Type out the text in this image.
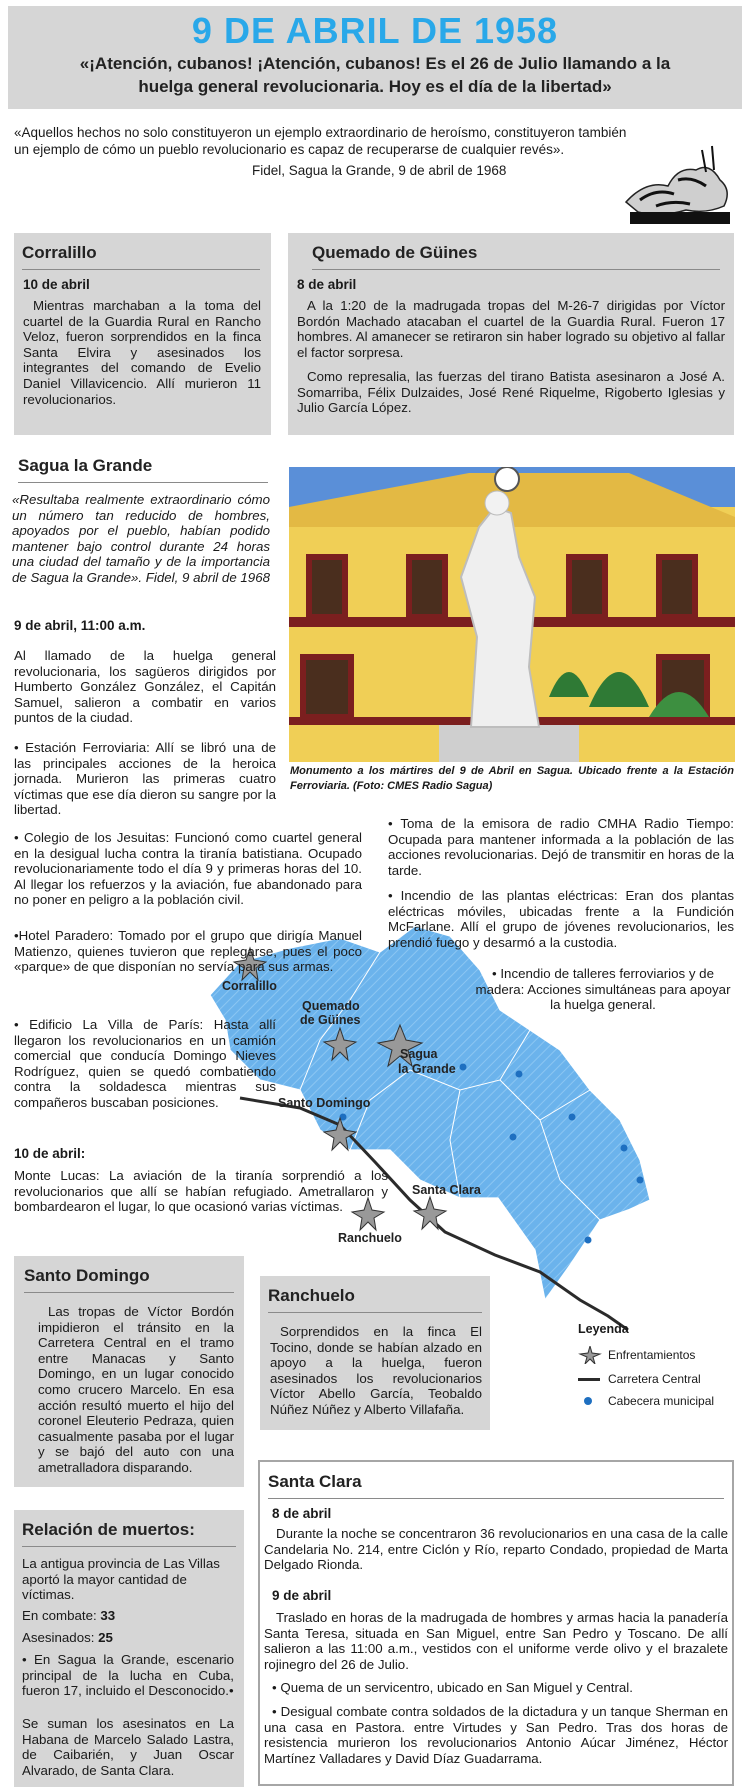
9 DE ABRIL DE 1958
«¡Atención, cubanos! ¡Atención, cubanos! Es el 26 de Julio llamando a la
huelga general revolucionaria. Hoy es el día de la libertad»

«Aquellos hechos no solo constituyeron un ejemplo extraordinario de heroísmo, constituyeron también

un ejemplo de cómo un pueblo revolucionario es capaz de recuperarse de cualquier revés».

Fidel, Sagua la Grande, 9 de abril de 1968

Corralillo
10 de abril

Mientras marchaban a la toma del cuartel de la Guardia Rural en Rancho Veloz, fueron sorprendidos en la finca Santa Elvira y asesinados los integrantes del comando de Evelio Daniel Villavicencio. Allí murieron 11 revolucionarios.

Quemado de Güines
8 de abril

A la 1:20 de la madrugada tropas del M-26-7 dirigidas por Víctor Bordón Machado atacaban el cuartel de la Guardia Rural. Fueron 17 hombres. Al amanecer se retiraron sin haber logrado su objetivo al fallar el factor sorpresa.

Como represalia, las fuerzas del tirano Batista asesinaron a José A. Somarriba, Félix Dulzaides, José René Riquelme, Rigoberto Iglesias y Julio García López.

Sagua la Grande

«Resultaba realmente extraordinario cómo un número tan reducido de hombres, apoyados por el pueblo, habían podido mantener bajo control durante 24 horas una ciudad del tamaño y de la importancia de Sagua la Grande». Fidel, 9 abril de 1968

9 de abril, 11:00 a.m.

Al llamado de la huelga general revolucionaria, los sagüeros dirigidos por Humberto González González, el Capitán Samuel, salieron a combatir en varios puntos de la ciudad.

• Estación Ferroviaria: Allí se libró una de las principales acciones de la heroica jornada. Murieron las primeras cuatro víctimas que ese día dieron su sangre por la libertad.

Monumento a los mártires del 9 de Abril en Sagua. Ubicado frente a la Estación Ferroviaria. (Foto: CMES Radio Sagua)

Corralillo
Quemado
de Güines
Sagua
la Grande
Santo Domingo
Santa Clara
Ranchuelo
Leyenda
Enfrentamientos
Carretera Central
Cabecera municipal

• Colegio de los Jesuitas: Funcionó como cuartel general en la desigual lucha contra la tiranía batistiana. Ocupado revolucionariamente todo el día 9 y primeras horas del 10. Al llegar los refuerzos y la aviación, fue abandonado para no poner en peligro a la población civil.

•Hotel Paradero: Tomado por el grupo que dirigía Manuel Matienzo, quienes tuvieron que replegarse, pues el poco «parque» de que disponían no servía para sus armas.

• Edificio La Villa de París: Hasta allí llegaron los revolucionarios en un camión comercial que conducía Domingo Nieves Rodríguez, quien se quedó combatiendo contra la soldadesca mientras sus compañeros buscaban posiciones.

10 de abril:

Monte Lucas: La aviación de la tiranía sorprendió a los revolucionarios que allí se habían refugiado. Ametrallaron y bombardearon el lugar, lo que ocasionó varias víctimas.

• Toma de la emisora de radio CMHA Radio Tiempo: Ocupada para mantener informada a la población de las acciones revolucionarias. Dejó de transmitir en horas de la tarde.

• Incendio de las plantas eléctricas: Eran dos plantas eléctricas móviles, ubicadas frente a la Fundición McFarlane. Allí el grupo de jóvenes revolucionarios, les prendió fuego y desarmó a la custodia.

• Incendio de talleres ferroviarios y de madera: Acciones simultáneas para apoyar la huelga general.

Santo Domingo

Las tropas de Víctor Bordón impidieron el tránsito en la Carretera Central en el tramo entre Manacas y Santo Domingo, en un lugar conocido como crucero Marcelo. En esa acción resultó muerto el hijo del coronel Eleuterio Pedraza, quien casualmente pasaba por el lugar y se bajó del auto con una ametralladora disparando.

Ranchuelo

Sorprendidos en la finca El Tocino, donde se habían alzado en apoyo a la huelga, fueron asesinados los revolucionarios Víctor Abello García, Teobaldo Núñez Núñez y Alberto Villafaña.

Relación de muertos:

La antigua provincia de Las Villas aportó la mayor cantidad de víctimas.

En combate: 33

Asesinados: 25

• En Sagua la Grande, escenario principal de la lucha en Cuba, fueron 17, incluido el Desconocido.•

Se suman los asesinatos en La Habana de Marcelo Salado Lastra, de Caibarién, y Juan Oscar Alvarado, de Santa Clara.

Santa Clara
8 de abril

Durante la noche se concentraron 36 revolucionarios en una casa de la calle Candelaria No. 214, entre Ciclón y Río, reparto Condado, propiedad de Marta Delgado Rionda.

9 de abril

Traslado en horas de la madrugada de hombres y armas hacia la panadería Santa Teresa, situada en San Miguel, entre San Pedro y Toscano. De allí salieron a las 11:00 a.m., vestidos con el uniforme verde olivo y el brazalete rojinegro del 26 de Julio.

• Quema de un servicentro, ubicado en San Miguel y Central.

• Desigual combate contra soldados de la dictadura y un tanque Sherman en una casa en Pastora. entre Virtudes y San Pedro. Tras dos horas de resistencia murieron los revolucionarios Antonio Aúcar Jiménez, Héctor Martínez Valladares y David Díaz Guadarrama.
